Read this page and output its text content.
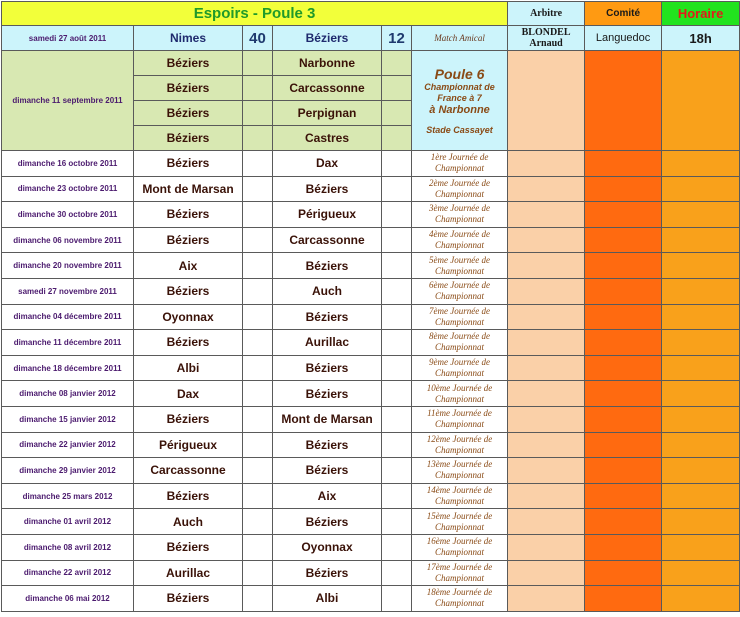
Espoirs - Poule 3						Arbitre	Comité	Horaire
samedi 27 août 2011	Nimes	40	Béziers	12	Match Amical	BLONDEL Arnaud	Languedoc	18h
dimanche 11 septembre 2011	Béziers		Narbonne		Poule 6
Championnat de France à 7
à Narbonne
Stade Cassayet			

	Béziers		Carcassonne					
	Béziers		Perpignan					
	Béziers		Castres					
dimanche 16 octobre 2011	Béziers		Dax		1ère Journée de Championnat			
dimanche 23 octobre 2011	Mont de Marsan		Béziers		2ème Journée de Championnat			
dimanche 30 octobre 2011	Béziers		Périgueux		3ème Journée de Championnat			
dimanche 06 novembre 2011	Béziers		Carcassonne		4ème Journée de Championnat			
dimanche 20 novembre 2011	Aix		Béziers		5ème Journée de Championnat			
samedi 27 novembre 2011	Béziers		Auch		6ème Journée de Championnat			
dimanche 04 décembre 2011	Oyonnax		Béziers		7ème Journée de Championnat			
dimanche 11 décembre 2011	Béziers		Aurillac		8ème Journée de Championnat			
dimanche 18 décembre 2011	Albi		Béziers		9ème Journée de Championnat			
dimanche 08 janvier 2012	Dax		Béziers		10ème Journée de Championnat			
dimanche 15 janvier 2012	Béziers		Mont de Marsan		11ème Journée de Championnat			
dimanche 22 janvier 2012	Périgueux		Béziers		12ème Journée de Championnat			
dimanche 29 janvier 2012	Carcassonne		Béziers		13ème Journée de Championnat			
dimanche 25 mars 2012	Béziers		Aix		14ème Journée de Championnat			
dimanche 01 avril 2012	Auch		Béziers		15ème Journée de Championnat			
dimanche 08 avril 2012	Béziers		Oyonnax		16ème Journée de Championnat			
dimanche 22 avril 2012	Aurillac		Béziers		17ème Journée de Championnat			
dimanche 06 mai 2012	Béziers		Albi		18ème Journée de Championnat			
